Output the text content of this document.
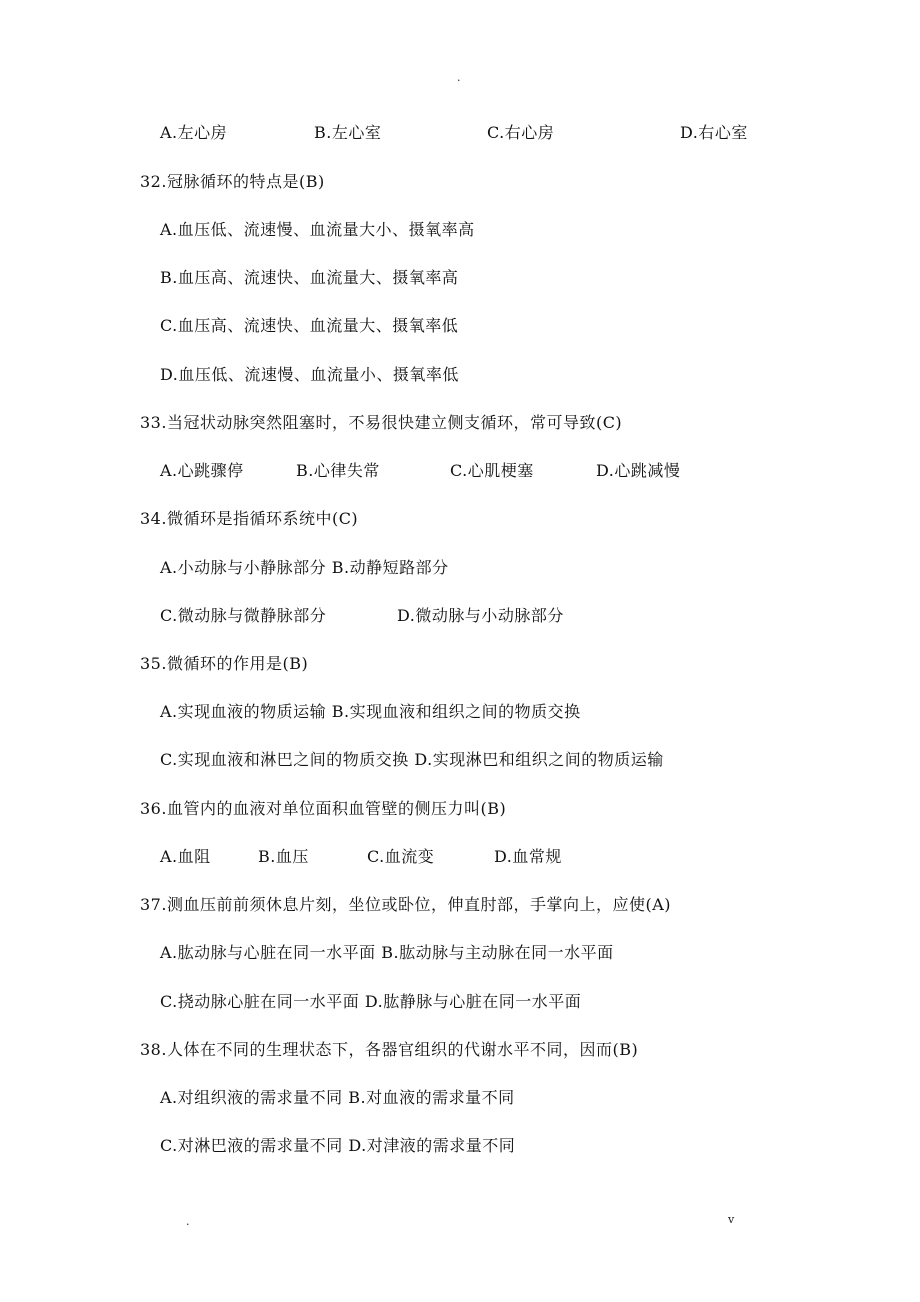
.
A.左心房	B.左心室	C.右心房	D.右心室
32.冠脉循环的特点是(B)
A.血压低、流速慢、血流量大小、摄氧率高
B.血压高、流速快、血流量大、摄氧率高
C.血压高、流速快、血流量大、摄氧率低
D.血压低、流速慢、血流量小、摄氧率低
33.当冠状动脉突然阻塞时，不易很快建立侧支循环，常可导致(C)
A.心跳骤停	B.心律失常	C.心肌梗塞	D.心跳减慢
34.微循环是指循环系统中(C)
A.小动脉与小静脉部分 B.动静短路部分
C.微动脉与微静脉部分	D.微动脉与小动脉部分
35.微循环的作用是(B)
A.实现血液的物质运输 B.实现血液和组织之间的物质交换
C.实现血液和淋巴之间的物质交换 D.实现淋巴和组织之间的物质运输
36.血管内的血液对单位面积血管壁的侧压力叫(B)
A.血阻	B.血压	C.血流变	D.血常规
37.测血压前前须休息片刻，坐位或卧位，伸直肘部，手掌向上，应使(A)
A.肱动脉与心脏在同一水平面 B.肱动脉与主动脉在同一水平面
C.挠动脉心脏在同一水平面 D.肱静脉与心脏在同一水平面
38.人体在不同的生理状态下，各器官组织的代谢水平不同，因而(B)
A.对组织液的需求量不同 B.对血液的需求量不同
C.对淋巴液的需求量不同 D.对津液的需求量不同
.	v
